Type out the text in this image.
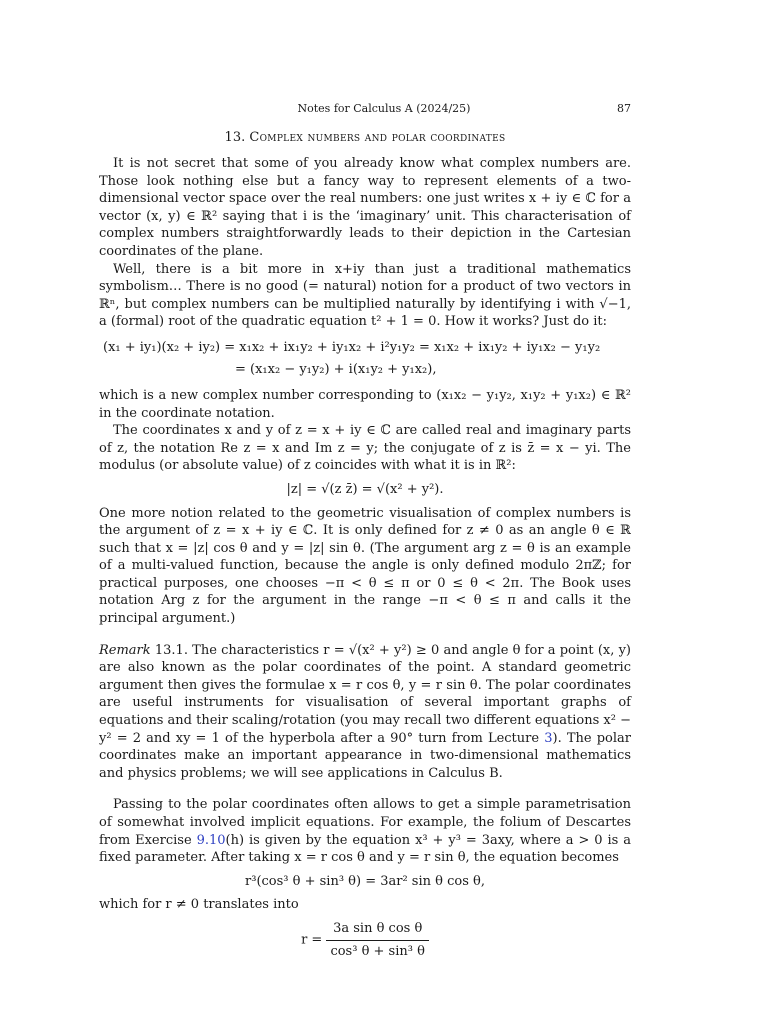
Notes for Calculus A (2024/25)	87
13. Complex numbers and polar coordinates

It is not secret that some of you already know what complex numbers are. Those look nothing else but a fancy way to represent elements of a two-dimensional vector space over the real numbers: one just writes x + iy ∈ ℂ for a vector (x, y) ∈ ℝ² saying that i is the ‘imaginary’ unit. This characterisation of complex numbers straightforwardly leads to their depiction in the Cartesian coordinates of the plane.

Well, there is a bit more in x+iy than just a traditional mathematics symbolism… There is no good (= natural) notion for a product of two vectors in ℝⁿ, but complex numbers can be multiplied naturally by identifying i with √−1, a (formal) root of the quadratic equation t² + 1 = 0. How it works? Just do it:

(x₁ + iy₁)(x₂ + iy₂) = x₁x₂ + ix₁y₂ + iy₁x₂ + i²y₁y₂ = x₁x₂ + ix₁y₂ + iy₁x₂ − y₁y₂
= (x₁x₂ − y₁y₂) + i(x₁y₂ + y₁x₂),

which is a new complex number corresponding to (x₁x₂ − y₁y₂, x₁y₂ + y₁x₂) ∈ ℝ² in the coordinate notation.

The coordinates x and y of z = x + iy ∈ ℂ are called real and imaginary parts of z, the notation Re z = x and Im z = y; the conjugate of z is z̄ = x − yi. The modulus (or absolute value) of z coincides with what it is in ℝ²:

|z| = √(z z̄) = √(x² + y²).

One more notion related to the geometric visualisation of complex numbers is the argument of z = x + iy ∈ ℂ. It is only defined for z ≠ 0 as an angle θ ∈ ℝ such that x = |z| cos θ and y = |z| sin θ. (The argument arg z = θ is an example of a multi-valued function, because the angle is only defined modulo 2πℤ; for practical purposes, one chooses −π < θ ≤ π or 0 ≤ θ < 2π. The Book uses notation Arg z for the argument in the range −π < θ ≤ π and calls it the principal argument.)

Remark 13.1. The characteristics r = √(x² + y²) ≥ 0 and angle θ for a point (x, y) are also known as the polar coordinates of the point. A standard geometric argument then gives the formulae x = r cos θ, y = r sin θ. The polar coordinates are useful instruments for visualisation of several important graphs of equations and their scaling/rotation (you may recall two different equations x² − y² = 2 and xy = 1 of the hyperbola after a 90° turn from Lecture 3). The polar coordinates make an important appearance in two-dimensional mathematics and physics problems; we will see applications in Calculus B.

Passing to the polar coordinates often allows to get a simple parametrisation of somewhat involved implicit equations. For example, the folium of Descartes from Exercise 9.10(h) is given by the equation x³ + y³ = 3axy, where a > 0 is a fixed parameter. After taking x = r cos θ and y = r sin θ, the equation becomes

r³(cos³ θ + sin³ θ) = 3ar² sin θ cos θ,

which for r ≠ 0 translates into

$r = \frac{\text{3a sin θ cos θ}}{\text{cos³ θ + sin³ θ}}$
